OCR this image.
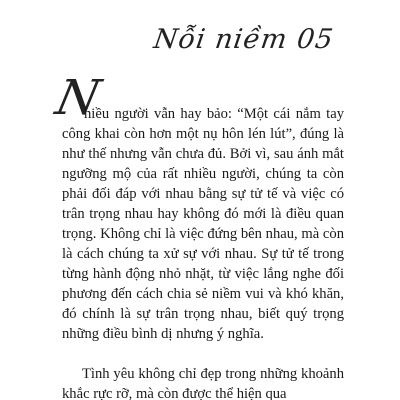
Nỗi niềm 05
N

hiều người vẫn hay bảo: “Một cái nắm tay công khai còn hơn một nụ hôn lén lút”, đúng là như thế nhưng vẫn chưa đủ. Bởi vì, sau ánh mắt ngưỡng mộ của rất nhiều người, chúng ta còn phải đối đáp với nhau bằng sự tử tế và việc có trân trọng nhau hay không đó mới là điều quan trọng. Không chỉ là việc đứng bên nhau, mà còn là cách chúng ta xử sự với nhau. Sự tử tế trong từng hành động nhỏ nhặt, từ việc lắng nghe đối phương đến cách chia sẻ niềm vui và khó khăn, đó chính là sự trân trọng nhau, biết quý trọng những điều bình dị nhưng ý nghĩa.

Tình yêu không chỉ đẹp trong những khoảnh khắc rực rỡ, mà còn được thể hiện qua
